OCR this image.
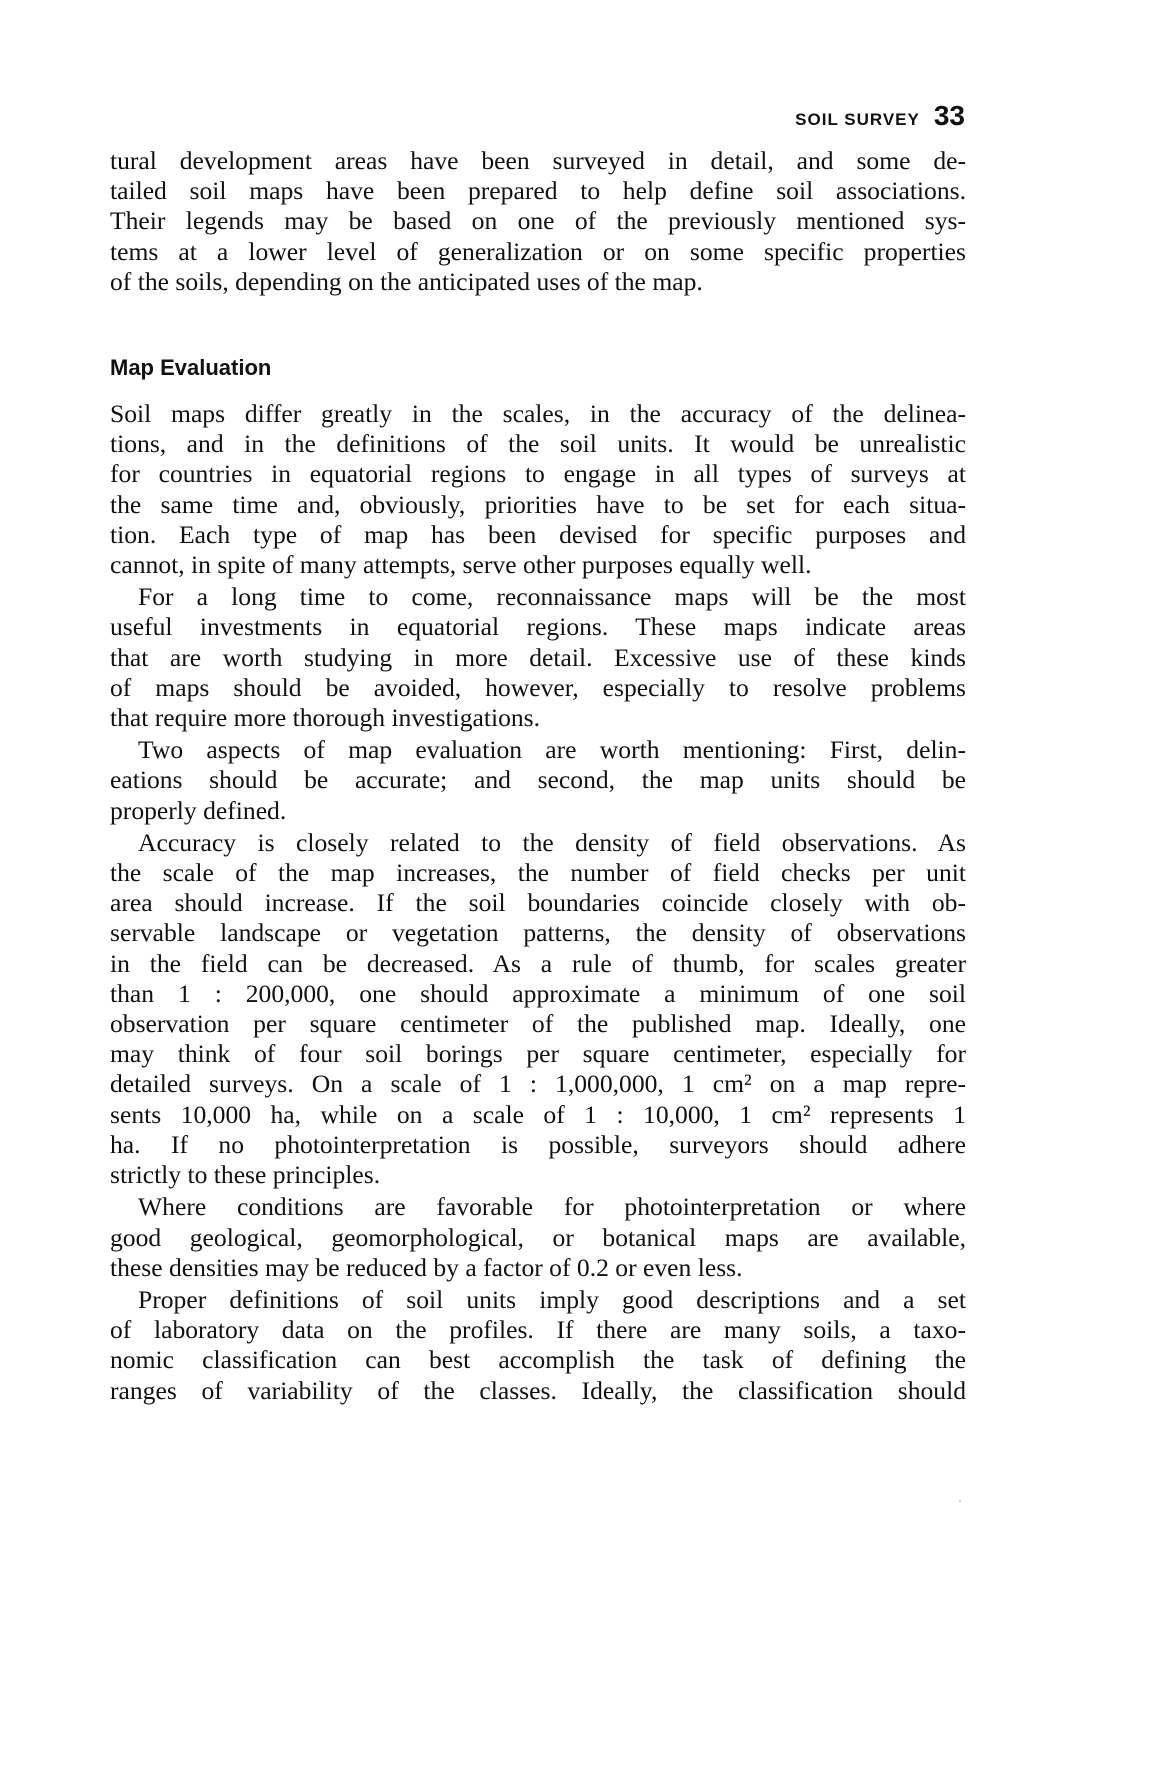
SOIL SURVEY 33
tural development areas have been surveyed in detail, and some de-
tailed soil maps have been prepared to help define soil associations.
Their legends may be based on one of the previously mentioned sys-
tems at a lower level of generalization or on some specific properties
of the soils, depending on the anticipated uses of the map.
Map Evaluation
Soil maps differ greatly in the scales, in the accuracy of the delinea-
tions, and in the definitions of the soil units. It would be unrealistic
for countries in equatorial regions to engage in all types of surveys at
the same time and, obviously, priorities have to be set for each situa-
tion. Each type of map has been devised for specific purposes and
cannot, in spite of many attempts, serve other purposes equally well.
For a long time to come, reconnaissance maps will be the most
useful investments in equatorial regions. These maps indicate areas
that are worth studying in more detail. Excessive use of these kinds
of maps should be avoided, however, especially to resolve problems
that require more thorough investigations.
Two aspects of map evaluation are worth mentioning: First, delin-
eations should be accurate; and second, the map units should be
properly defined.
Accuracy is closely related to the density of field observations. As
the scale of the map increases, the number of field checks per unit
area should increase. If the soil boundaries coincide closely with ob-
servable landscape or vegetation patterns, the density of observations
in the field can be decreased. As a rule of thumb, for scales greater
than 1 : 200,000, one should approximate a minimum of one soil
observation per square centimeter of the published map. Ideally, one
may think of four soil borings per square centimeter, especially for
detailed surveys. On a scale of 1 : 1,000,000, 1 cm² on a map repre-
sents 10,000 ha, while on a scale of 1 : 10,000, 1 cm² represents 1
ha. If no photointerpretation is possible, surveyors should adhere
strictly to these principles.
Where conditions are favorable for photointerpretation or where
good geological, geomorphological, or botanical maps are available,
these densities may be reduced by a factor of 0.2 or even less.
Proper definitions of soil units imply good descriptions and a set
of laboratory data on the profiles. If there are many soils, a taxo-
nomic classification can best accomplish the task of defining the
ranges of variability of the classes. Ideally, the classification should
